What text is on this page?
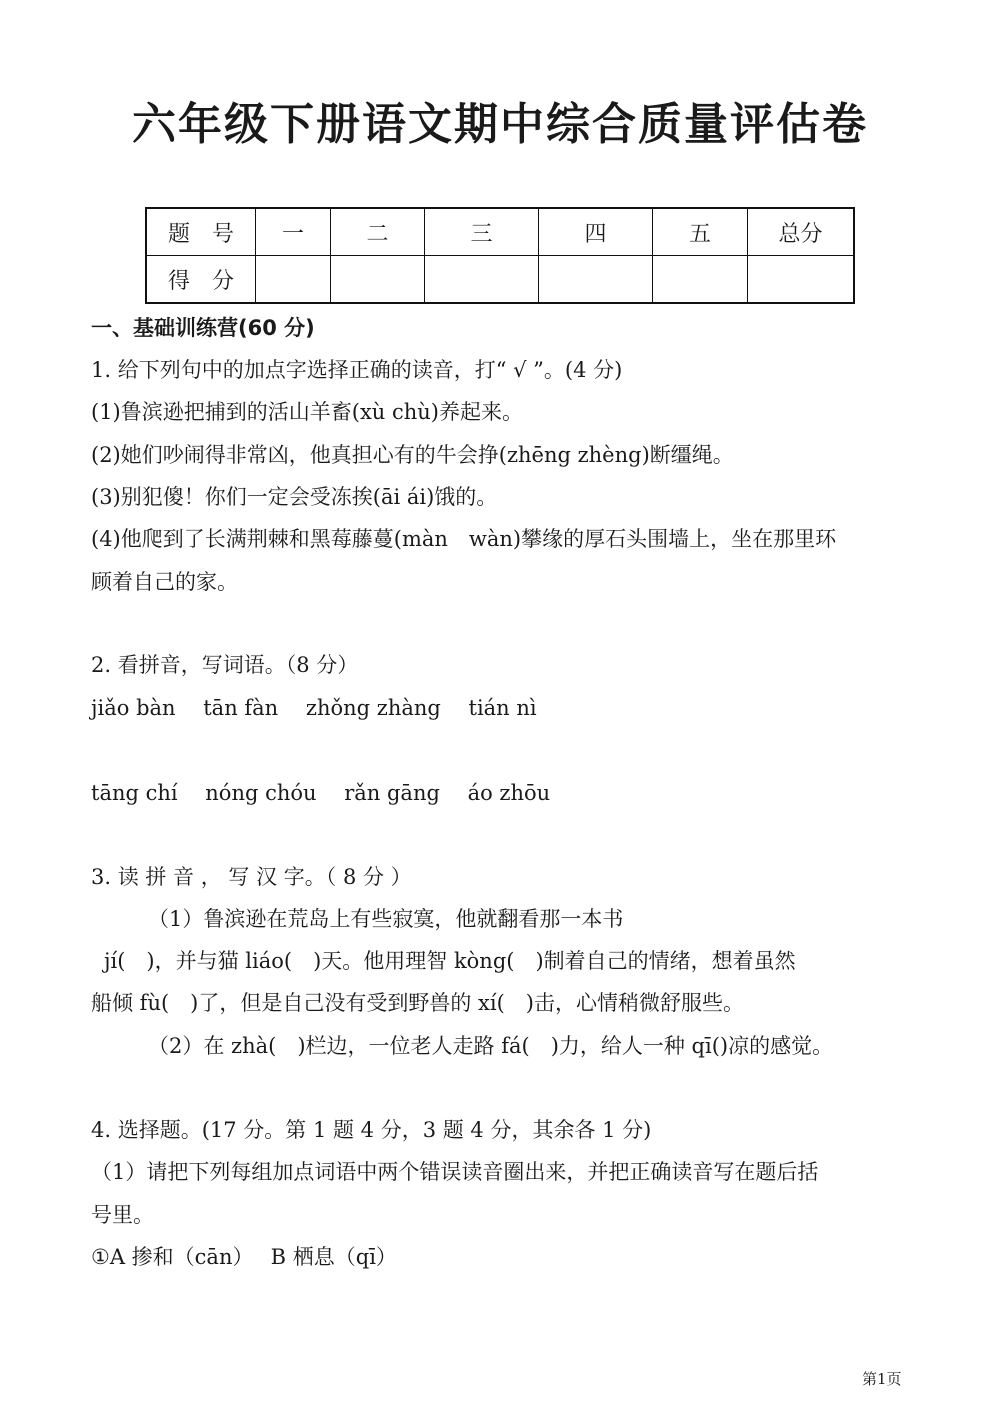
六年级下册语文期中综合质量评估卷
题　号	一	二	三	四	五	总分
得　分						

一、基础训练营(60 分)

1. 给下列句中的加点字选择正确的读音，打“ √ ”。(4 分)

(1)鲁滨逊把捕到的活山羊畜(xù chù)养起来。

(2)她们吵闹得非常凶，他真担心有的牛会挣(zhēng zhèng)断缰绳。

(3)别犯傻！你们一定会受冻挨(āi ái)饿的。

(4)他爬到了长满荆棘和黑莓藤蔓(màn　wàn)攀缘的厚石头围墙上，坐在那里环

顾着自己的家。

2. 看拼音，写词语。（8 分）

jiǎo bàn　 tān fàn　 zhǒng zhàng　 tián nì

tāng chí　 nóng chóu　 rǎn gāng　 áo zhōu

3. 读 拼 音 ， 写 汉 字。（ 8 分 ）

（1）鲁滨逊在荒岛上有些寂寞，他就翻看那一本书

jí(　)，并与猫 liáo(　)天。他用理智 kòng(　)制着自己的情绪，想着虽然

船倾 fù(　)了，但是自己没有受到野兽的 xí(　)击，心情稍微舒服些。

（2）在 zhà(　)栏边，一位老人走路 fá(　)力，给人一种 qī()凉的感觉。

4. 选择题。(17 分。第 1 题 4 分，3 题 4 分，其余各 1 分)

（1）请把下列每组加点词语中两个错误读音圈出来，并把正确读音写在题后括

号里。

①A 掺和（cān）　 B 栖息（qī）

第1页
